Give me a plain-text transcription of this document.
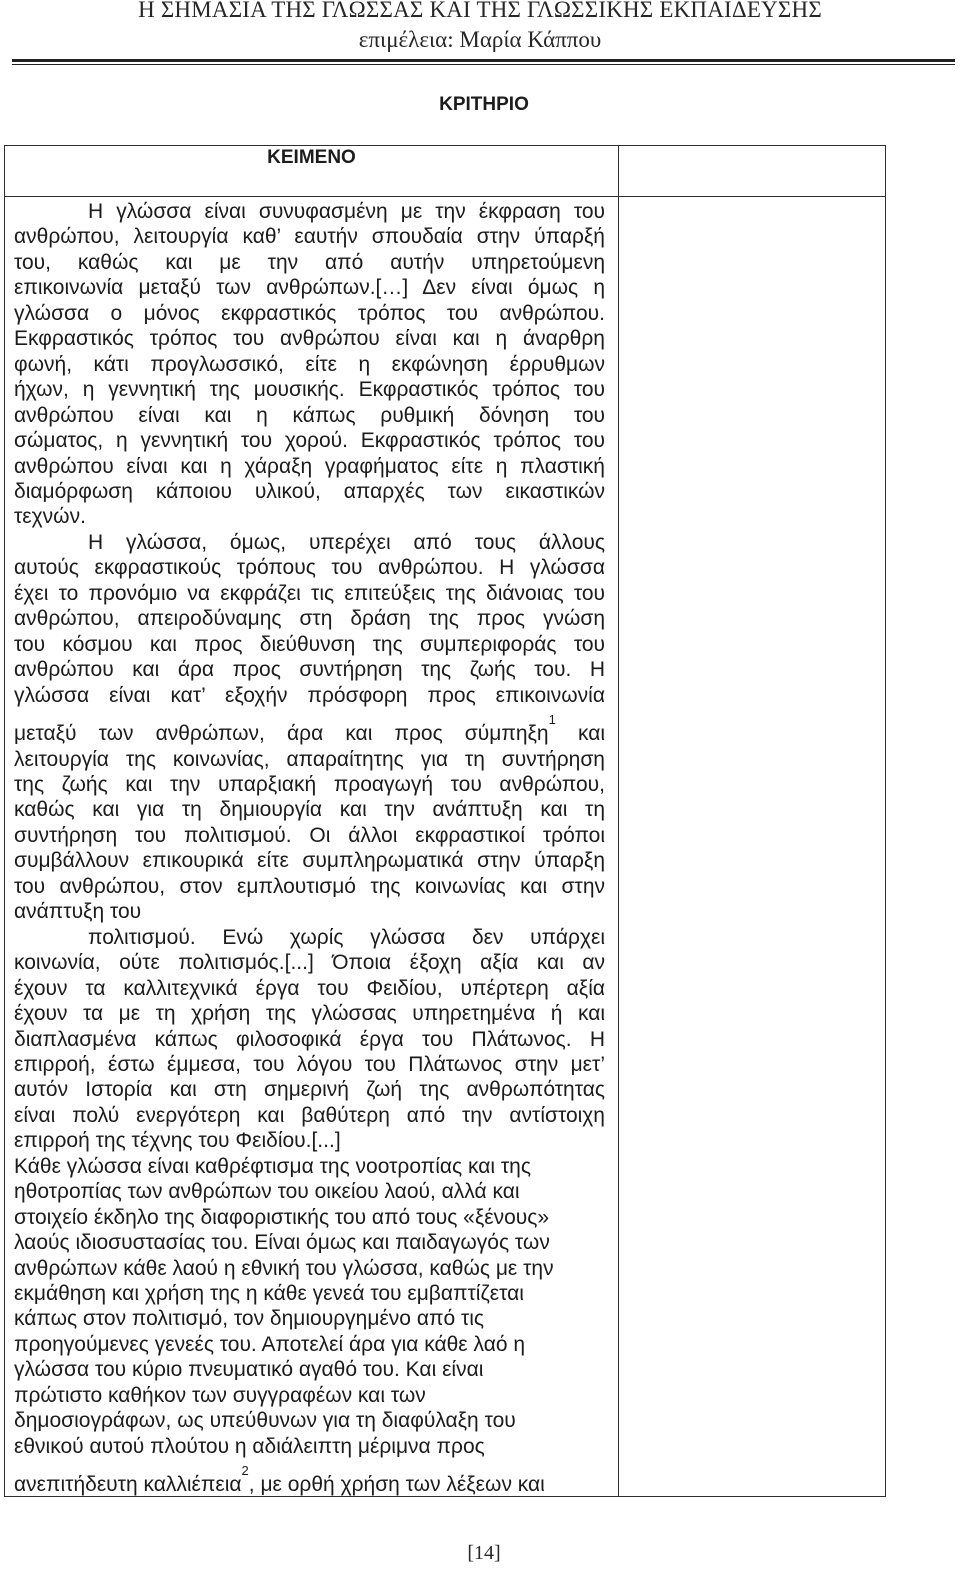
Η ΣΗΜΑΣΙΑ ΤΗΣ ΓΛΩΣΣΑΣ ΚΑΙ ΤΗΣ ΓΛΩΣΣΙΚΗΣ ΕΚΠΑΙΔΕΥΣΗΣ
επιμέλεια: Μαρία Κάππου
ΚΡΙΤΗΡΙΟ
ΚΕΙΜΕΝΟ
Η γλώσσα είναι συνυφασμένη με την έκφραση του
ανθρώπου, λειτουργία καθ’ εαυτήν σπουδαία στην ύπαρξή
του, καθώς και με την από αυτήν υπηρετούμενη
επικοινωνία μεταξύ των ανθρώπων.[…] Δεν είναι όμως η
γλώσσα ο μόνος εκφραστικός τρόπος του ανθρώπου.
Εκφραστικός τρόπος του ανθρώπου είναι και η άναρθρη
φωνή, κάτι προγλωσσικό, είτε η εκφώνηση έρρυθμων
ήχων, η γεννητική της μουσικής. Εκφραστικός τρόπος του
ανθρώπου είναι και η κάπως ρυθμική δόνηση του
σώματος, η γεννητική του χορού. Εκφραστικός τρόπος του
ανθρώπου είναι και η χάραξη γραφήματος είτε η πλαστική
διαμόρφωση κάποιου υλικού, απαρχές των εικαστικών
τεχνών.
Η γλώσσα, όμως, υπερέχει από τους άλλους
αυτούς εκφραστικούς τρόπους του ανθρώπου. Η γλώσσα
έχει το προνόμιο να εκφράζει τις επιτεύξεις της διάνοιας του
ανθρώπου, απειροδύναμης στη δράση της προς γνώση
του κόσμου και προς διεύθυνση της συμπεριφοράς του
ανθρώπου και άρα προς συντήρηση της ζωής του. Η
γλώσσα είναι κατ’ εξοχήν πρόσφορη προς επικοινωνία
μεταξύ των ανθρώπων, άρα και προς σύμπηξη$^1$ και
λειτουργία της κοινωνίας, απαραίτητης για τη συντήρηση
της ζωής και την υπαρξιακή προαγωγή του ανθρώπου,
καθώς και για τη δημιουργία και την ανάπτυξη και τη
συντήρηση του πολιτισμού. Οι άλλοι εκφραστικοί τρόποι
συμβάλλουν επικουρικά είτε συμπληρωματικά στην ύπαρξη
του ανθρώπου, στον εμπλουτισμό της κοινωνίας και στην
ανάπτυξη του
πολιτισμού. Ενώ χωρίς γλώσσα δεν υπάρχει
κοινωνία, ούτε πολιτισμός.[...] Όποια έξοχη αξία και αν
έχουν τα καλλιτεχνικά έργα του Φειδίου, υπέρτερη αξία
έχουν τα με τη χρήση της γλώσσας υπηρετημένα ή και
διαπλασμένα κάπως φιλοσοφικά έργα του Πλάτωνος. Η
επιρροή, έστω έμμεσα, του λόγου του Πλάτωνος στην μετ’
αυτόν Ιστορία και στη σημερινή ζωή της ανθρωπότητας
είναι πολύ ενεργότερη και βαθύτερη από την αντίστοιχη
επιρροή της τέχνης του Φειδίου.[...]
Κάθε γλώσσα είναι καθρέφτισμα της νοοτροπίας και της
ηθοτροπίας των ανθρώπων του οικείου λαού, αλλά και
στοιχείο έκδηλο της διαφοριστικής του από τους «ξένους»
λαούς ιδιοσυστασίας του. Είναι όμως και παιδαγωγός των
ανθρώπων κάθε λαού η εθνική του γλώσσα, καθώς με την
εκμάθηση και χρήση της η κάθε γενεά του εμβαπτίζεται
κάπως στον πολιτισμό, τον δημιουργημένο από τις
προηγούμενες γενεές του. Αποτελεί άρα για κάθε λαό η
γλώσσα του κύριο πνευματικό αγαθό του. Και είναι
πρώτιστο καθήκον των συγγραφέων και των
δημοσιογράφων, ως υπεύθυνων για τη διαφύλαξη του
εθνικού αυτού πλούτου η αδιάλειπτη μέριμνα προς
ανεπιτήδευτη καλλιέπεια$^2$, με ορθή χρήση των λέξεων και
[14]
